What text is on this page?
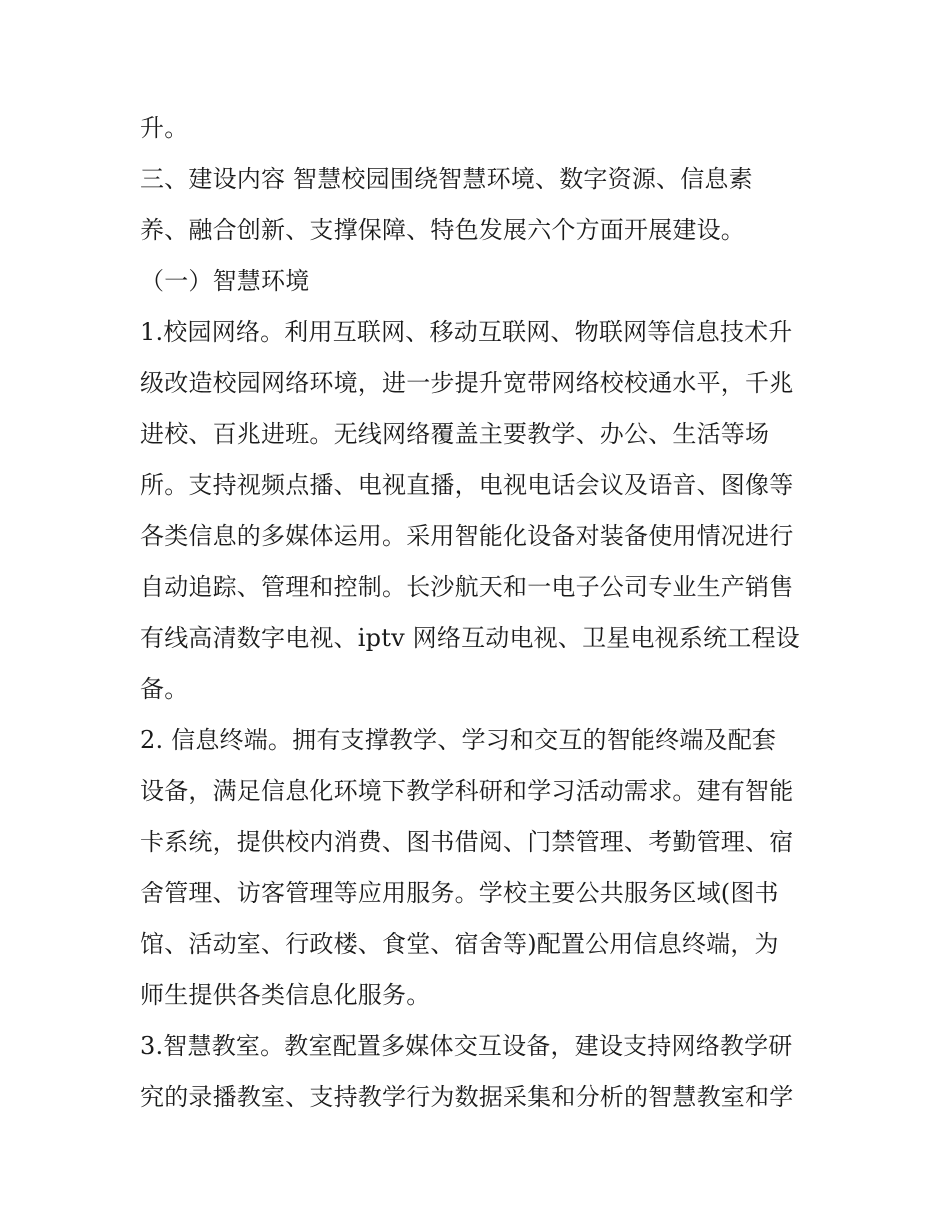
升。
三、建设内容 智慧校园围绕智慧环境、数字资源、信息素
养、融合创新、支撑保障、特色发展六个方面开展建设。
（一）智慧环境
1.校园网络。利用互联网、移动互联网、物联网等信息技术升
级改造校园网络环境，进一步提升宽带网络校校通水平，千兆
进校、百兆进班。无线网络覆盖主要教学、办公、生活等场
所。支持视频点播、电视直播，电视电话会议及语音、图像等
各类信息的多媒体运用。采用智能化设备对装备使用情况进行
自动追踪、管理和控制。长沙航天和一电子公司专业生产销售
有线高清数字电视、iptv 网络互动电视、卫星电视系统工程设
备。
2. 信息终端。拥有支撑教学、学习和交互的智能终端及配套
设备，满足信息化环境下教学科研和学习活动需求。建有智能
卡系统，提供校内消费、图书借阅、门禁管理、考勤管理、宿
舍管理、访客管理等应用服务。学校主要公共服务区域(图书
馆、活动室、行政楼、食堂、宿舍等)配置公用信息终端，为
师生提供各类信息化服务。
3.智慧教室。教室配置多媒体交互设备，建设支持网络教学研
究的录播教室、支持教学行为数据采集和分析的智慧教室和学
